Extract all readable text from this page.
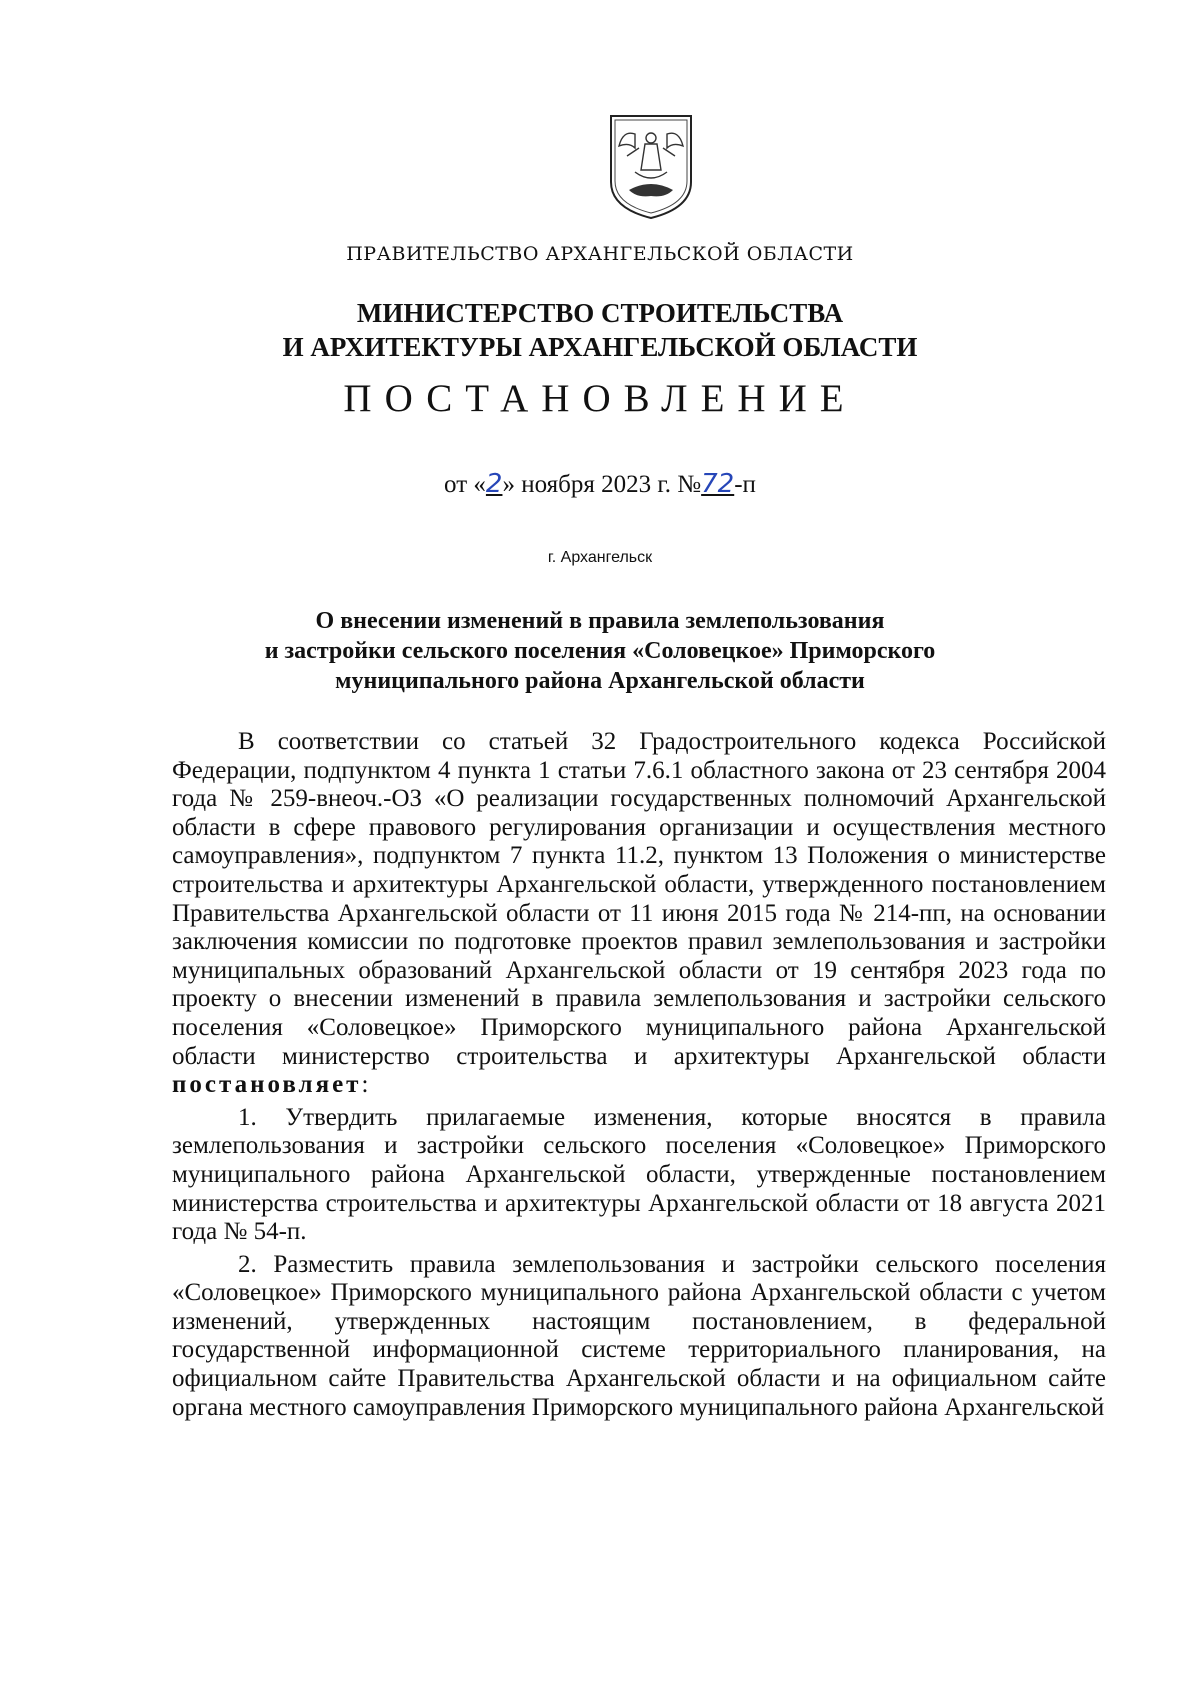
ПРАВИТЕЛЬСТВО АРХАНГЕЛЬСКОЙ ОБЛАСТИ
МИНИСТЕРСТВО СТРОИТЕЛЬСТВА
И АРХИТЕКТУРЫ АРХАНГЕЛЬСКОЙ ОБЛАСТИ
ПОСТАНОВЛЕНИЕ
от «2» ноября 2023 г. №72-п
г. Архангельск
О внесении изменений в правила землепользования
и застройки сельского поселения «Соловецкое» Приморского
муниципального района Архангельской области

В соответствии со статьей 32 Градостроительного кодекса Российской Федерации, подпунктом 4 пункта 1 статьи 7.6.1 областного закона от 23 сентября 2004 года № 259-внеоч.-ОЗ «О реализации государственных полномочий Архангельской области в сфере правового регулирования организации и осуществления местного самоуправления», подпунктом 7 пункта 11.2, пунктом 13 Положения о министерстве строительства и архитектуры Архангельской области, утвержденного постановлением Правительства Архангельской области от 11 июня 2015 года № 214-пп, на основании заключения комиссии по подготовке проектов правил землепользования и застройки муниципальных образований Архангельской области от 19 сентября 2023 года по проекту о внесении изменений в правила землепользования и застройки сельского поселения «Соловецкое» Приморского муниципального района Архангельской области министерство строительства и архитектуры Архангельской области постановляет:

1. Утвердить прилагаемые изменения, которые вносятся в правила землепользования и застройки сельского поселения «Соловецкое» Приморского муниципального района Архангельской области, утвержденные постановлением министерства строительства и архитектуры Архангельской области от 18 августа 2021 года № 54-п.

2. Разместить правила землепользования и застройки сельского поселения «Соловецкое» Приморского муниципального района Архангельской области с учетом изменений, утвержденных настоящим постановлением, в федеральной государственной информационной системе территориального планирования, на официальном сайте Правительства Архангельской области и на официальном сайте органа местного самоуправления Приморского муниципального района Архангельской
